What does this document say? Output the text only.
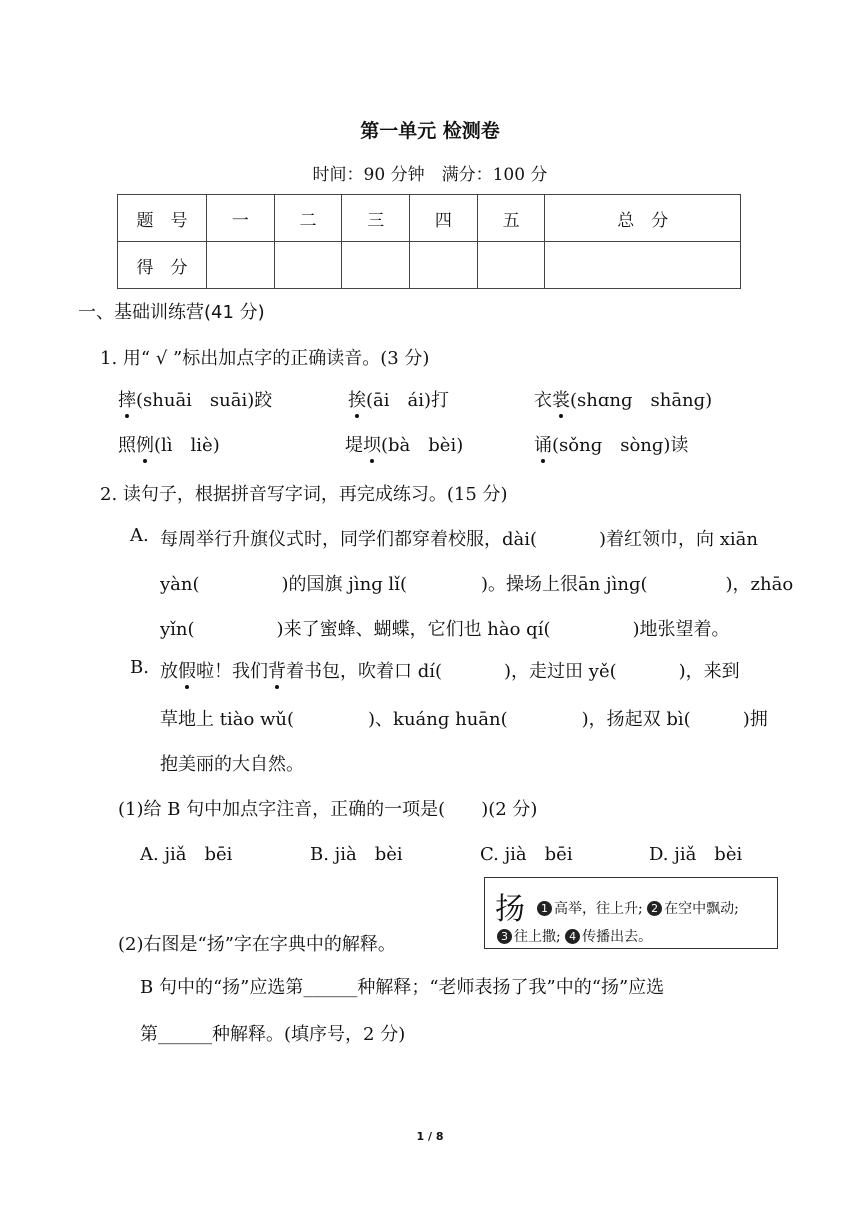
第一单元 检测卷
时间：90 分钟　满分：100 分
题　号	一	二	三	四	五	总　分
得　分						
一、基础训练营(41 分)
1. 用“ √ ”标出加点字的正确读音。(3 分)
摔(shuāi　suāi)跤	挨(āi　ái)打	衣裳(shɑnɡ　shānɡ)
照例(lì　liè)	堤坝(bà　bèi)	诵(sǒnɡ　sònɡ)读
2. 读句子，根据拼音写字词，再完成练习。(15 分)
A. 每周举行升旗仪式时，同学们都穿着校服，dài(	)着红领巾，向 xiān
yàn(	)的国旗 jìnɡ lǐ(	)。操场上很ān jìnɡ(	)，zhāo
yǐn(	)来了蜜蜂、蝴蝶，它们也 hào qí(	)地张望着。
B. 放假啦！我们背着书包，吹着口 dí(	)，走过田 yě(	)，来到
草地上 tiào wǔ(	)、kuánɡ huān(	)，扬起双 bì(	)拥
抱美丽的大自然。
(1)给 B 句中加点字注音，正确的一项是(　　)(2 分)
A. jiǎ　bēi	B. jià　bèi	C. jià　bēi	D. jiǎ　bèi
扬	1 高举，往上升; 2 在空中飘动;
3 往上撒; 4 传播出去。
(2)右图是“扬”字在字典中的解释。
B 句中的“扬”应选第______种解释；“老师表扬了我”中的“扬”应选
第______种解释。(填序号，2 分)
1 / 8
